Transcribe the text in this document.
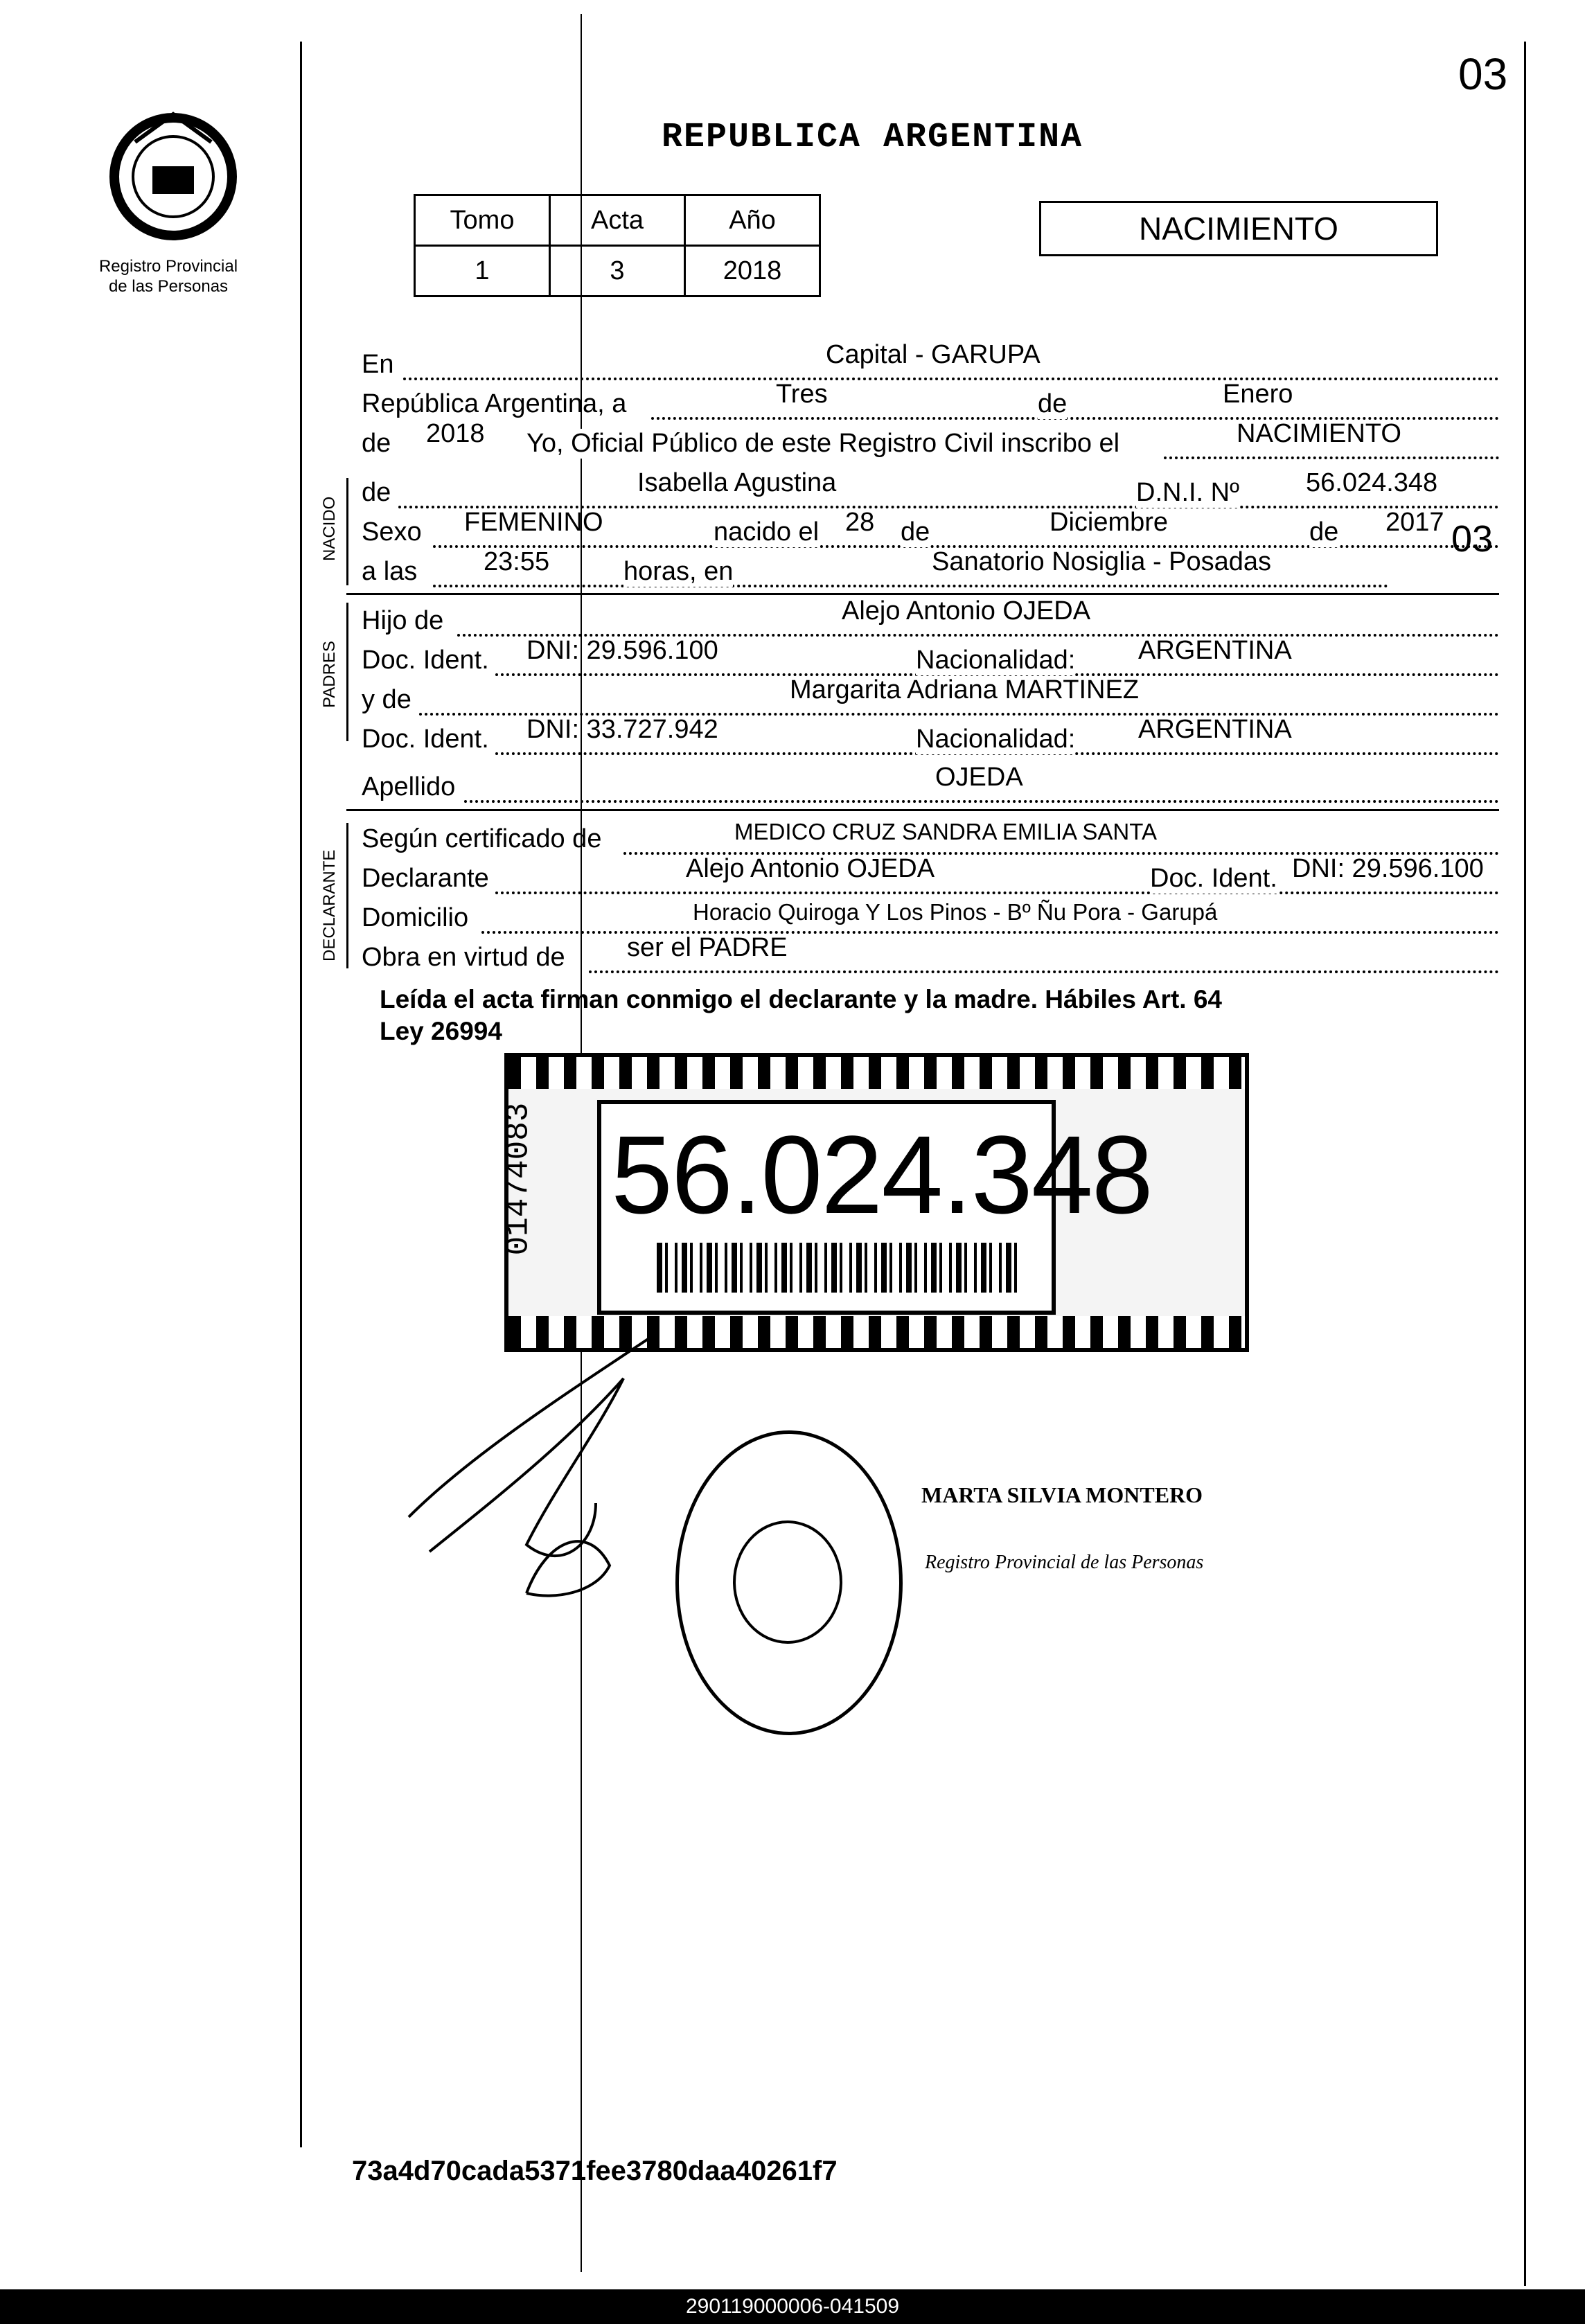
03
Registro Provincial de las Personas
REPUBLICA ARGENTINA
Tomo	Acta	Año
1	3	2018
NACIMIENTO
En	Capital - GARUPA
República Argentina, a	Tres	de	Enero
de 2018 Yo, Oficial Público de este Registro Civil inscribo el	NACIMIENTO
NACIDO
de	Isabella Agustina	D.N.I. Nº	56.024.348
Sexo FEMENINO	nacido el 28 de	Diciembre	de 2017 03
a las	23:55	horas, en	Sanatorio Nosiglia - Posadas
PADRES
Hijo de	Alejo Antonio OJEDA
Doc. Ident. DNI: 29.596.100	Nacionalidad: ARGENTINA
y de	Margarita Adriana MARTINEZ
Doc. Ident. DNI: 33.727.942	Nacionalidad: ARGENTINA
Apellido	OJEDA
DECLARANTE
Según certificado de	MEDICO CRUZ SANDRA EMILIA SANTA
Declarante	Alejo Antonio OJEDA	Doc. Ident. DNI: 29.596.100
Domicilio	Horacio Quiroga Y Los Pinos - Bº Ñu Pora - Garupá
Obra en virtud de ser el PADRE
Leída el acta firman conmigo el declarante y la madre. Hábiles Art. 64 Ley 26994
01474083 56.024.348
MARTA SILVIA MONTERO
Registro Provincial de las Personas
73a4d70cada5371fee3780daa40261f7
290119000006-041509
